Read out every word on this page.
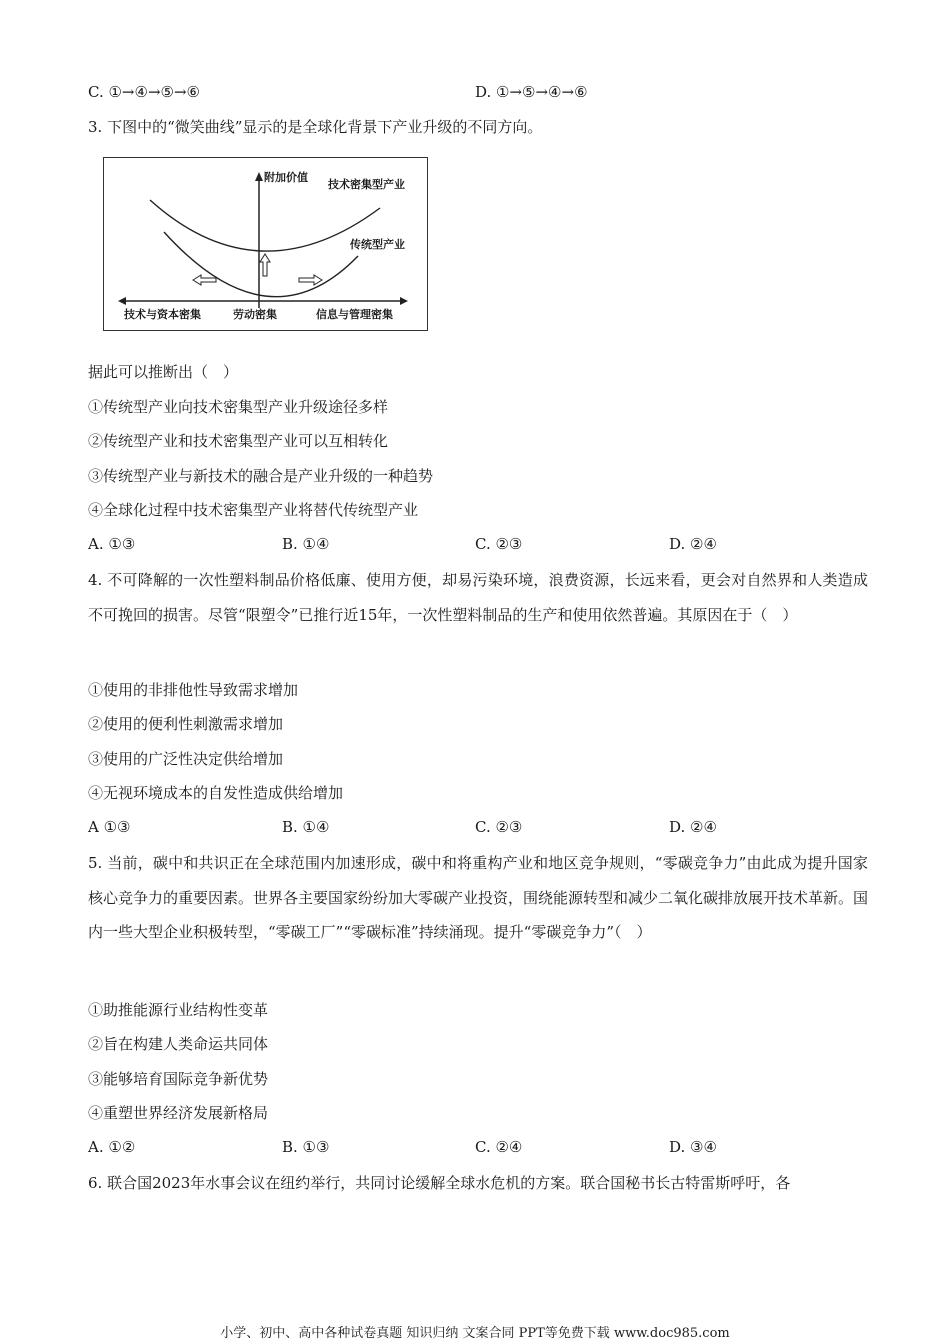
C. ①→④→⑤→⑥	D. ①→⑤→④→⑥
3. 下图中的“微笑曲线”显示的是全球化背景下产业升级的不同方向。
附加价值
技术密集型产业
传统型产业
技术与资本密集	劳动密集	信息与管理密集
据此可以推断出（　）
①传统型产业向技术密集型产业升级途径多样
②传统型产业和技术密集型产业可以互相转化
③传统型产业与新技术的融合是产业升级的一种趋势
④全球化过程中技术密集型产业将替代传统型产业
A. ①③	B. ①④	C. ②③	D. ②④
4. 不可降解的一次性塑料制品价格低廉、使用方便，却易污染环境，浪费资源，长远来看，更会对自然界和人类造成不可挽回的损害。尽管“限塑令”已推行近15年，一次性塑料制品的生产和使用依然普遍。其原因在于（　）
①使用的非排他性导致需求增加
②使用的便利性刺激需求增加
③使用的广泛性决定供给增加
④无视环境成本的自发性造成供给增加
A ①③	B. ①④	C. ②③	D. ②④
5. 当前，碳中和共识正在全球范围内加速形成，碳中和将重构产业和地区竞争规则，“零碳竞争力”由此成为提升国家核心竞争力的重要因素。世界各主要国家纷纷加大零碳产业投资，围绕能源转型和减少二氧化碳排放展开技术革新。国内一些大型企业积极转型，“零碳工厂”“零碳标准”持续涌现。提升“零碳竞争力”（　）
①助推能源行业结构性变革
②旨在构建人类命运共同体
③能够培育国际竞争新优势
④重塑世界经济发展新格局
A. ①②	B. ①③	C. ②④	D. ③④
6. 联合国2023年水事会议在纽约举行，共同讨论缓解全球水危机的方案。联合国秘书长古特雷斯呼吁，各
小学、初中、高中各种试卷真题 知识归纳 文案合同 PPT等免费下载 www.doc985.com
